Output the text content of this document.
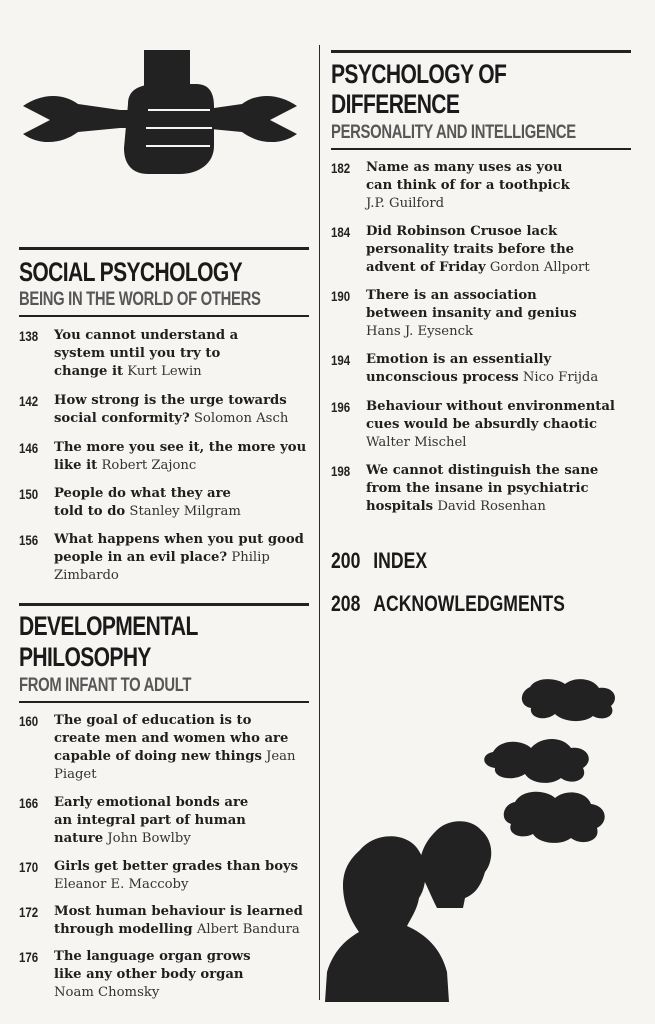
SOCIAL PSYCHOLOGY
BEING IN THE WORLD OF OTHERS
138 You cannot understand a system until you try to change it Kurt Lewin
142 How strong is the urge towards social conformity? Solomon Asch
146 The more you see it, the more you like it Robert Zajonc
150 People do what they are told to do Stanley Milgram
156 What happens when you put good people in an evil place? Philip Zimbardo
DEVELOPMENTAL
PHILOSOPHY
FROM INFANT TO ADULT
160 The goal of education is to create men and women who are capable of doing new things Jean Piaget
166 Early emotional bonds are an integral part of human nature John Bowlby
170 Girls get better grades than boys Eleanor E. Maccoby
172 Most human behaviour is learned through modelling Albert Bandura
176 The language organ grows like any other body organ Noam Chomsky
PSYCHOLOGY OF
DIFFERENCE
PERSONALITY AND INTELLIGENCE
182 Name as many uses as you can think of for a toothpick J.P. Guilford
184 Did Robinson Crusoe lack personality traits before the advent of Friday Gordon Allport
190 There is an association between insanity and genius Hans J. Eysenck
194 Emotion is an essentially unconscious process Nico Frijda
196 Behaviour without environmental cues would be absurdly chaotic Walter Mischel
198 We cannot distinguish the sane from the insane in psychiatric hospitals David Rosenhan
200 INDEX
208 ACKNOWLEDGMENTS
